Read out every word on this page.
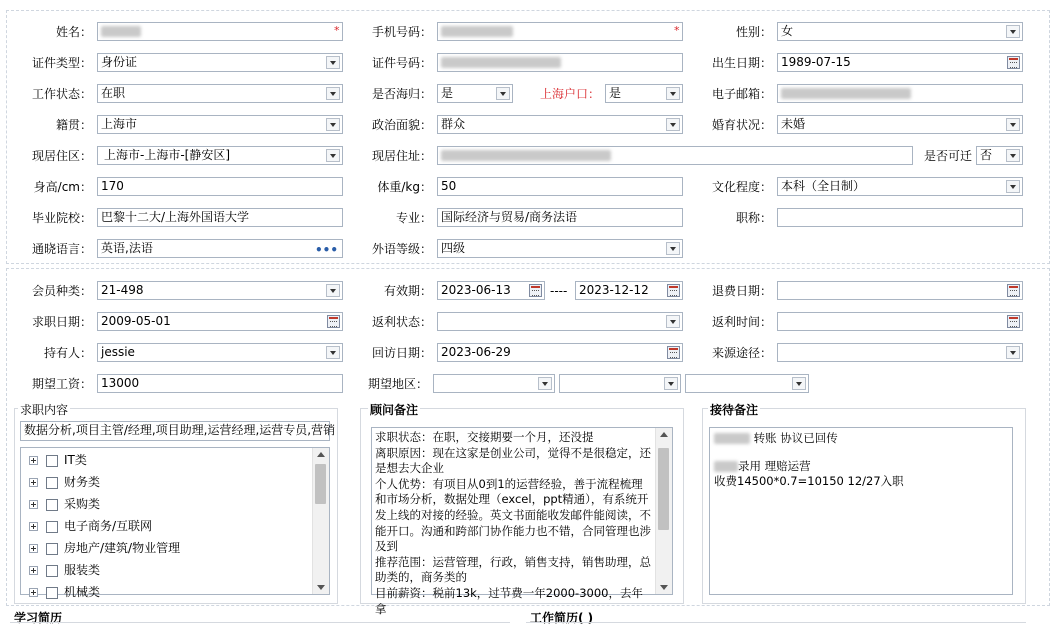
姓名：	*	手机号码：	*	性别： 女
证件类型： 身份证	证件号码：	出生日期： 1989-07-15
工作状态： 在职	是否海归： 是	上海户口： 是	电子邮箱：
籍贯： 上海市	政治面貌： 群众	婚育状况： 未婚
现居住区：	上海市-上海市-[静安区]	现居住址：	是否可迁 否
身高/cm： 170	体重/kg： 50	文化程度： 本科（全日制）
毕业院校： 巴黎十二大/上海外国语大学	专业： 国际经济与贸易/商务法语	职称：
通晓语言： 英语,法语	•••	外语等级： 四级
会员种类： 21-498	有效期： 2023-06-13	---- 2023-12-12	退费日期：
求职日期： 2009-05-01	返利状态：	返利时间：
持有人： jessie	回访日期： 2023-06-29	来源途径：
期望工资： 13000	期望地区：
求职内容
数据分析,项目主管/经理,项目助理,运营经理,运营专员,营销
IT类
财务类
采购类
电子商务/互联网
房地产/建筑/物业管理
服装类
机械类
顾问备注
求职状态：在职，交接期要一个月，还没提
离职原因：现在这家是创业公司，觉得不是很稳定，还是想去大企业
个人优势：有项目从0到1的运营经验，善于流程梳理和市场分析，数据处理（excel，ppt精通），有系统开发上线的对接的经验。英文书面能收发邮件能阅读，不能开口。沟通和跨部门协作能力也不错，合同管理也涉及到
推荐范围：运营管理，行政，销售支持，销售助理，总助类的，商务类的
目前薪资：税前13k，过节费一年2000-3000，去年拿
接待备注
转账 协议已回传
录用 理赔运营
收费14500*0.7=10150 12/27入职
学习简历	工作简历( )
